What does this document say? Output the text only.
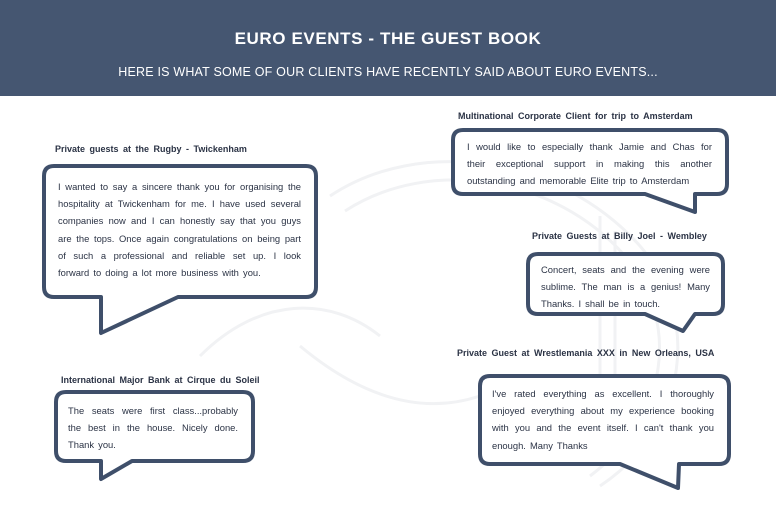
EURO EVENTS - THE GUEST BOOK
HERE IS WHAT SOME OF OUR CLIENTS HAVE RECENTLY SAID ABOUT EURO EVENTS...
Private guests at the Rugby - Twickenham
I wanted to say a sincere thank you for organising the hospitality at Twickenham for me. I have used several companies now and I can honestly say that you guys are the tops. Once again congratulations on being part of such a professional and reliable set up. I look forward to doing a lot more business with you.
Multinational Corporate Client for trip to Amsterdam
I would like to especially thank Jamie and Chas for their exceptional support in making this another outstanding and memorable Elite trip to Amsterdam
Private Guests at Billy Joel - Wembley
Concert, seats and the evening were sublime. The man is a genius! Many Thanks. I shall be in touch.
International Major Bank at Cirque du Soleil
The seats were first class...probably the best in the house. Nicely done. Thank you.
Private Guest at Wrestlemania XXX in New Orleans, USA
I've rated everything as excellent. I thoroughly enjoyed everything about my experience booking with you and the event itself. I can't thank you enough. Many Thanks
